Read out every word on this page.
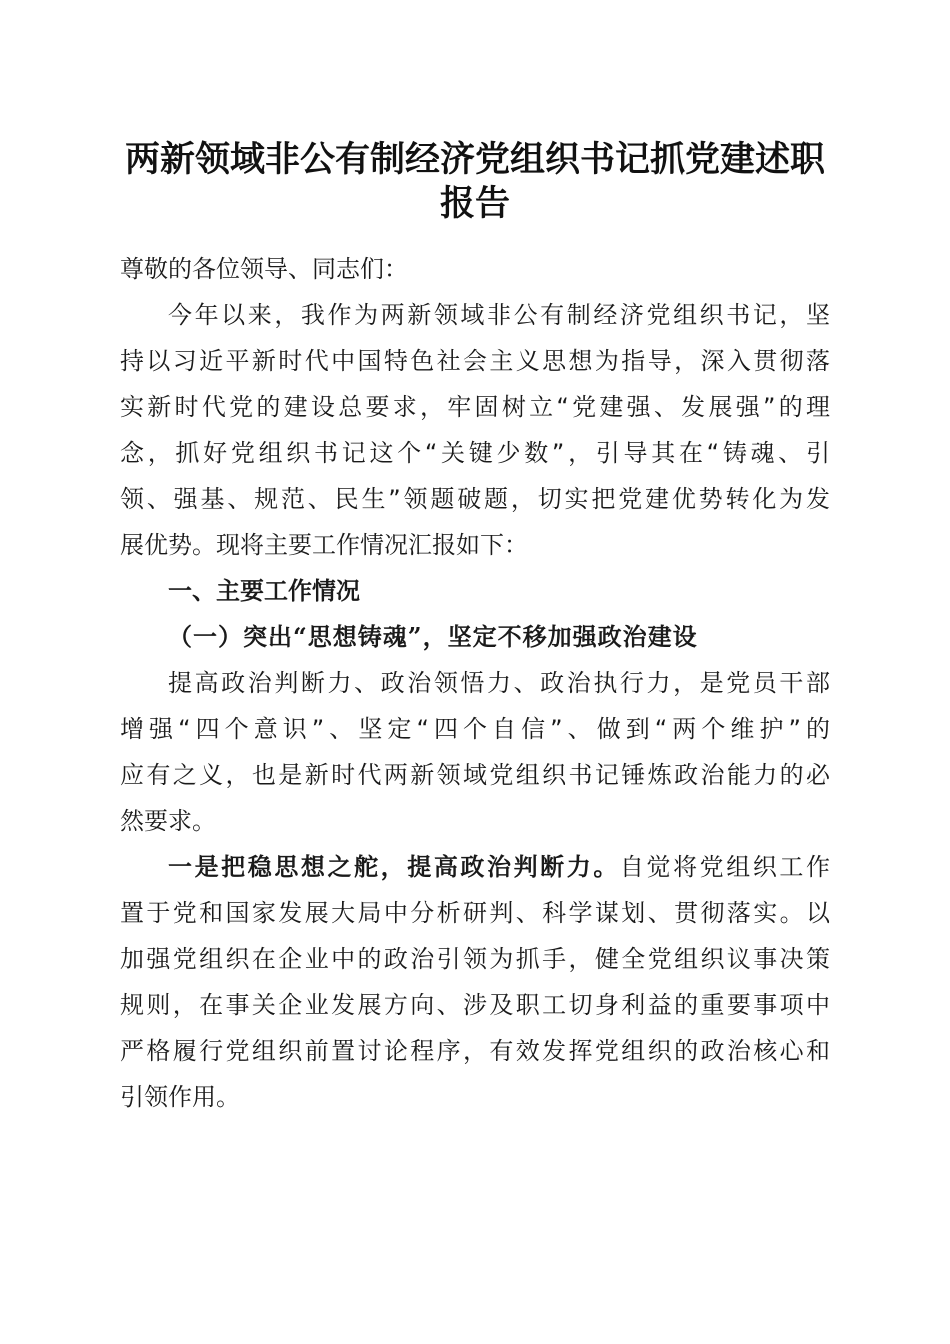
两新领域非公有制经济党组织书记抓党建述职
报告
尊敬的各位领导、同志们：
今年以来，我作为两新领域非公有制经济党组织书记，坚
持以习近平新时代中国特色社会主义思想为指导，深入贯彻落
实新时代党的建设总要求，牢固树立“党建强、发展强”的理
念，抓好党组织书记这个“关键少数”，引导其在“铸魂、引
领、强基、规范、民生”领题破题，切实把党建优势转化为发
展优势。现将主要工作情况汇报如下：
一、主要工作情况
（一）突出“思想铸魂”，坚定不移加强政治建设
提高政治判断力、政治领悟力、政治执行力，是党员干部
增强“四个意识”、坚定“四个自信”、做到“两个维护”的
应有之义，也是新时代两新领域党组织书记锤炼政治能力的必
然要求。
一是把稳思想之舵，提高政治判断力。自觉将党组织工作
置于党和国家发展大局中分析研判、科学谋划、贯彻落实。以
加强党组织在企业中的政治引领为抓手，健全党组织议事决策
规则，在事关企业发展方向、涉及职工切身利益的重要事项中
严格履行党组织前置讨论程序，有效发挥党组织的政治核心和
引领作用。
